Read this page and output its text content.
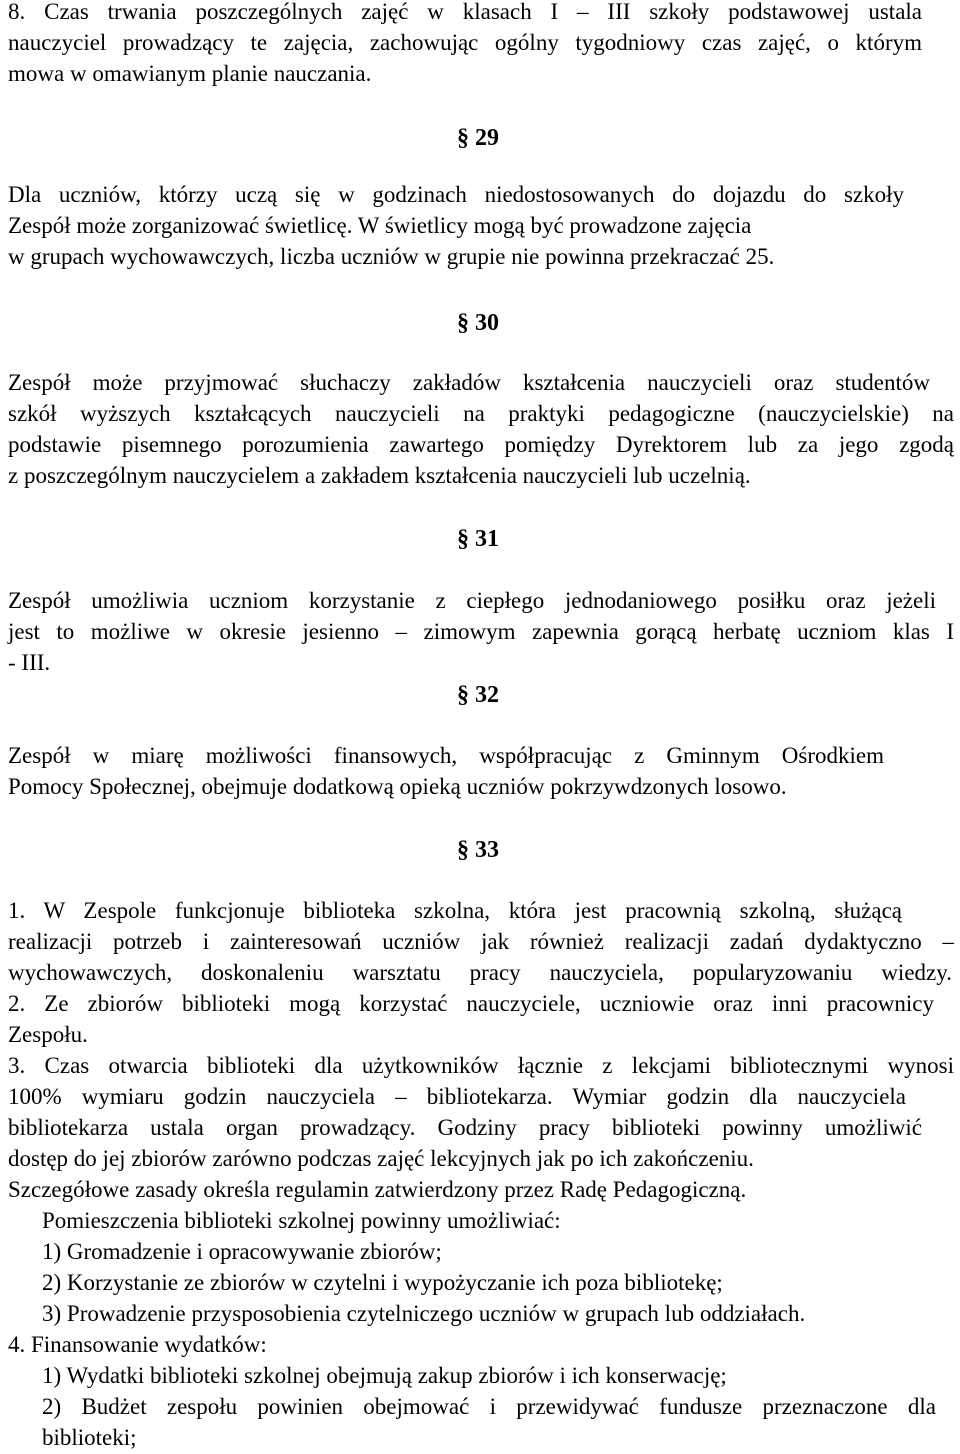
8. Czas trwania poszczególnych zajęć w klasach I – III szkoły podstawowej ustala
nauczyciel prowadzący te zajęcia, zachowując ogólny tygodniowy czas zajęć, o którym
mowa w omawianym planie nauczania.
§ 29
Dla uczniów, którzy uczą się w godzinach niedostosowanych do dojazdu do szkoły
Zespół może zorganizować świetlicę. W świetlicy mogą być prowadzone zajęcia
w grupach wychowawczych, liczba uczniów w grupie nie powinna przekraczać 25.
§ 30
Zespół może przyjmować słuchaczy zakładów kształcenia nauczycieli oraz studentów
szkół wyższych kształcących nauczycieli na praktyki pedagogiczne (nauczycielskie) na
podstawie pisemnego porozumienia zawartego pomiędzy Dyrektorem lub za jego zgodą
z poszczególnym nauczycielem a zakładem kształcenia nauczycieli lub uczelnią.
§ 31
Zespół umożliwia uczniom korzystanie z ciepłego jednodaniowego posiłku oraz jeżeli
jest to możliwe w okresie jesienno – zimowym zapewnia gorącą herbatę uczniom klas I
- III.
§ 32
Zespół w miarę możliwości finansowych, współpracując z Gminnym Ośrodkiem
Pomocy Społecznej, obejmuje dodatkową opieką uczniów pokrzywdzonych losowo.
§ 33
1. W Zespole funkcjonuje biblioteka szkolna, która jest pracownią szkolną, służącą
realizacji potrzeb i zainteresowań uczniów jak również realizacji zadań dydaktyczno –
wychowawczych, doskonaleniu warsztatu pracy nauczyciela, popularyzowaniu wiedzy.
2. Ze zbiorów biblioteki mogą korzystać nauczyciele, uczniowie oraz inni pracownicy
Zespołu.
3. Czas otwarcia biblioteki dla użytkowników łącznie z lekcjami bibliotecznymi wynosi
100% wymiaru godzin nauczyciela – bibliotekarza. Wymiar godzin dla nauczyciela
bibliotekarza ustala organ prowadzący. Godziny pracy biblioteki powinny umożliwić
dostęp do jej zbiorów zarówno podczas zajęć lekcyjnych jak po ich zakończeniu.
Szczegółowe zasady określa regulamin zatwierdzony przez Radę Pedagogiczną.
Pomieszczenia biblioteki szkolnej powinny umożliwiać:
1) Gromadzenie i opracowywanie zbiorów;
2) Korzystanie ze zbiorów w czytelni i wypożyczanie ich poza bibliotekę;
3) Prowadzenie przysposobienia czytelniczego uczniów w grupach lub oddziałach.
4. Finansowanie wydatków:
1) Wydatki biblioteki szkolnej obejmują zakup zbiorów i ich konserwację;
2) Budżet zespołu powinien obejmować i przewidywać fundusze przeznaczone dla
biblioteki;
